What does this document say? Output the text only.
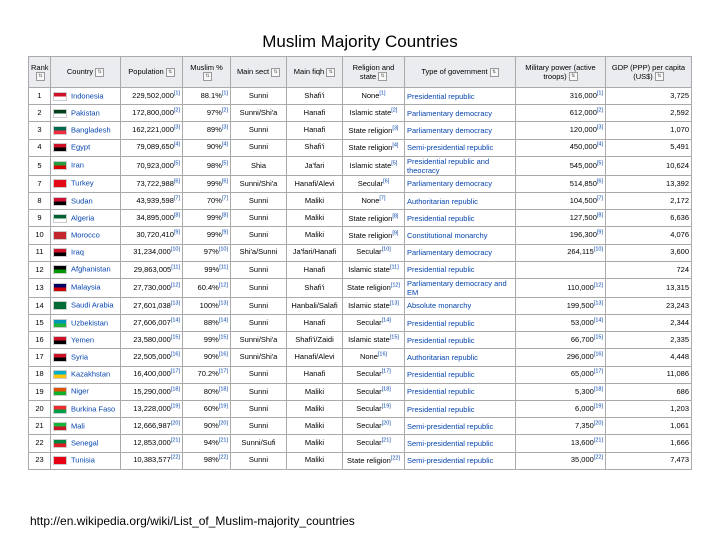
Muslim Majority Countries
Rank⇅	Country ⇅	Population ⇅	Muslim %⇅	Main sect ⇅	Main fiqh ⇅	Religion and state ⇅	Type of government ⇅	Military power (active troops) ⇅	GDP (PPP) per capita (US$) ⇅
1	Indonesia	229,502,000[1]	88.1%[1]	Sunni	Shafi'i	None[1]	Presidential republic	316,000[1]	3,725
2	Pakistan	172,800,000[2]	97%[2]	Sunni/Shi'a	Hanafi	Islamic state[2]	Parliamentary democracy	612,000[2]	2,592
3	Bangladesh	162,221,000[3]	89%[3]	Sunni	Hanafi	State religion[3]	Parliamentary democracy	120,000[3]	1,070
4	Egypt	79,089,650[4]	90%[4]	Sunni	Shafi'i	State religion[4]	Semi-presidential republic	450,000[4]	5,491
5	Iran	70,923,000[5]	98%[5]	Shia	Ja'fari	Islamic state[5]	Presidential republic and theocracy	545,000[5]	10,624
7	Turkey	73,722,988[6]	99%[6]	Sunni/Shi'a	Hanafi/Alevi	Secular[6]	Parliamentary democracy	514,850[6]	13,392
8	Sudan	43,939,598[7]	70%[7]	Sunni	Maliki	None[7]	Authoritarian republic	104,500[7]	2,172
9	Algeria	34,895,000[8]	99%[8]	Sunni	Maliki	State religion[8]	Presidential republic	127,500[8]	6,636
10	Morocco	30,720,410[9]	99%[9]	Sunni	Maliki	State religion[9]	Constitutional monarchy	196,300[9]	4,076
11	Iraq	31,234,000[10]	97%[10]	Shi'a/Sunni	Ja'fari/Hanafi	Secular[10]	Parliamentary democracy	264,115[10]	3,600
12	Afghanistan	29,863,005[11]	99%[11]	Sunni	Hanafi	Islamic state[11]	Presidential republic		724
13	Malaysia	27,730,000[12]	60.4%[12]	Sunni	Shafi'i	State religion[12]	Parliamentary democracy and EM	110,000[12]	13,315
14	Saudi Arabia	27,601,038[13]	100%[13]	Sunni	Hanbali/Salafi	Islamic state[13]	Absolute monarchy	199,500[13]	23,243
15	Uzbekistan	27,606,007[14]	88%[14]	Sunni	Hanafi	Secular[14]	Presidential republic	53,000[14]	2,344
16	Yemen	23,580,000[15]	99%[15]	Sunni/Shi'a	Shafi'i/Zaidi	Islamic state[15]	Presidential republic	66,700[15]	2,335
17	Syria	22,505,000[16]	90%[16]	Sunni/Shi'a	Hanafi/Alevi	None[16]	Authoritarian republic	296,000[16]	4,448
18	Kazakhstan	16,400,000[17]	70.2%[17]	Sunni	Hanafi	Secular[17]	Presidential republic	65,000[17]	11,086
19	Niger	15,290,000[18]	80%[18]	Sunni	Maliki	Secular[18]	Presidential republic	5,300[18]	686
20	Burkina Faso	13,228,000[19]	60%[19]	Sunni	Maliki	Secular[19]	Presidential republic	6,000[19]	1,203
21	Mali	12,666,987[20]	90%[20]	Sunni	Maliki	Secular[20]	Semi-presidential republic	7,350[20]	1,061
22	Senegal	12,853,000[21]	94%[21]	Sunni/Sufi	Maliki	Secular[21]	Semi-presidential republic	13,600[21]	1,666
23	Tunisia	10,383,577[22]	98%[22]	Sunni	Maliki	State religion[22]	Semi-presidential republic	35,000[22]	7,473
http://en.wikipedia.org/wiki/List_of_Muslim-majority_countries
